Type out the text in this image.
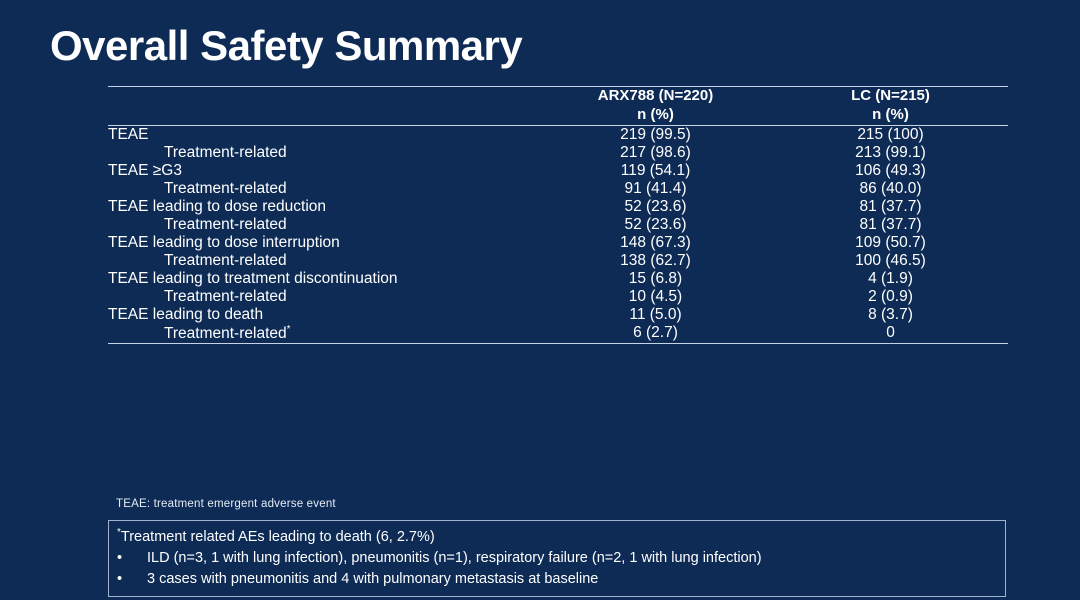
Overall Safety Summary
	ARX788 (N=220)	LC (N=215)
	n (%)	n (%)
TEAE	219 (99.5)	215 (100)
Treatment-related	217 (98.6)	213 (99.1)
TEAE ≥G3	119 (54.1)	106 (49.3)
Treatment-related	91 (41.4)	86 (40.0)
TEAE leading to dose reduction	52 (23.6)	81 (37.7)
Treatment-related	52 (23.6)	81 (37.7)
TEAE leading to dose interruption	148 (67.3)	109 (50.7)
Treatment-related	138 (62.7)	100 (46.5)
TEAE leading to treatment discontinuation	15 (6.8)	4 (1.9)
Treatment-related	10 (4.5)	2 (0.9)
TEAE leading to death	11 (5.0)	8 (3.7)
Treatment-related*	6 (2.7)	0
TEAE: treatment emergent adverse event
*Treatment related AEs leading to death (6, 2.7%)
• ILD (n=3, 1 with lung infection), pneumonitis (n=1), respiratory failure (n=2, 1 with lung infection)
• 3 cases with pneumonitis and 4 with pulmonary metastasis at baseline
